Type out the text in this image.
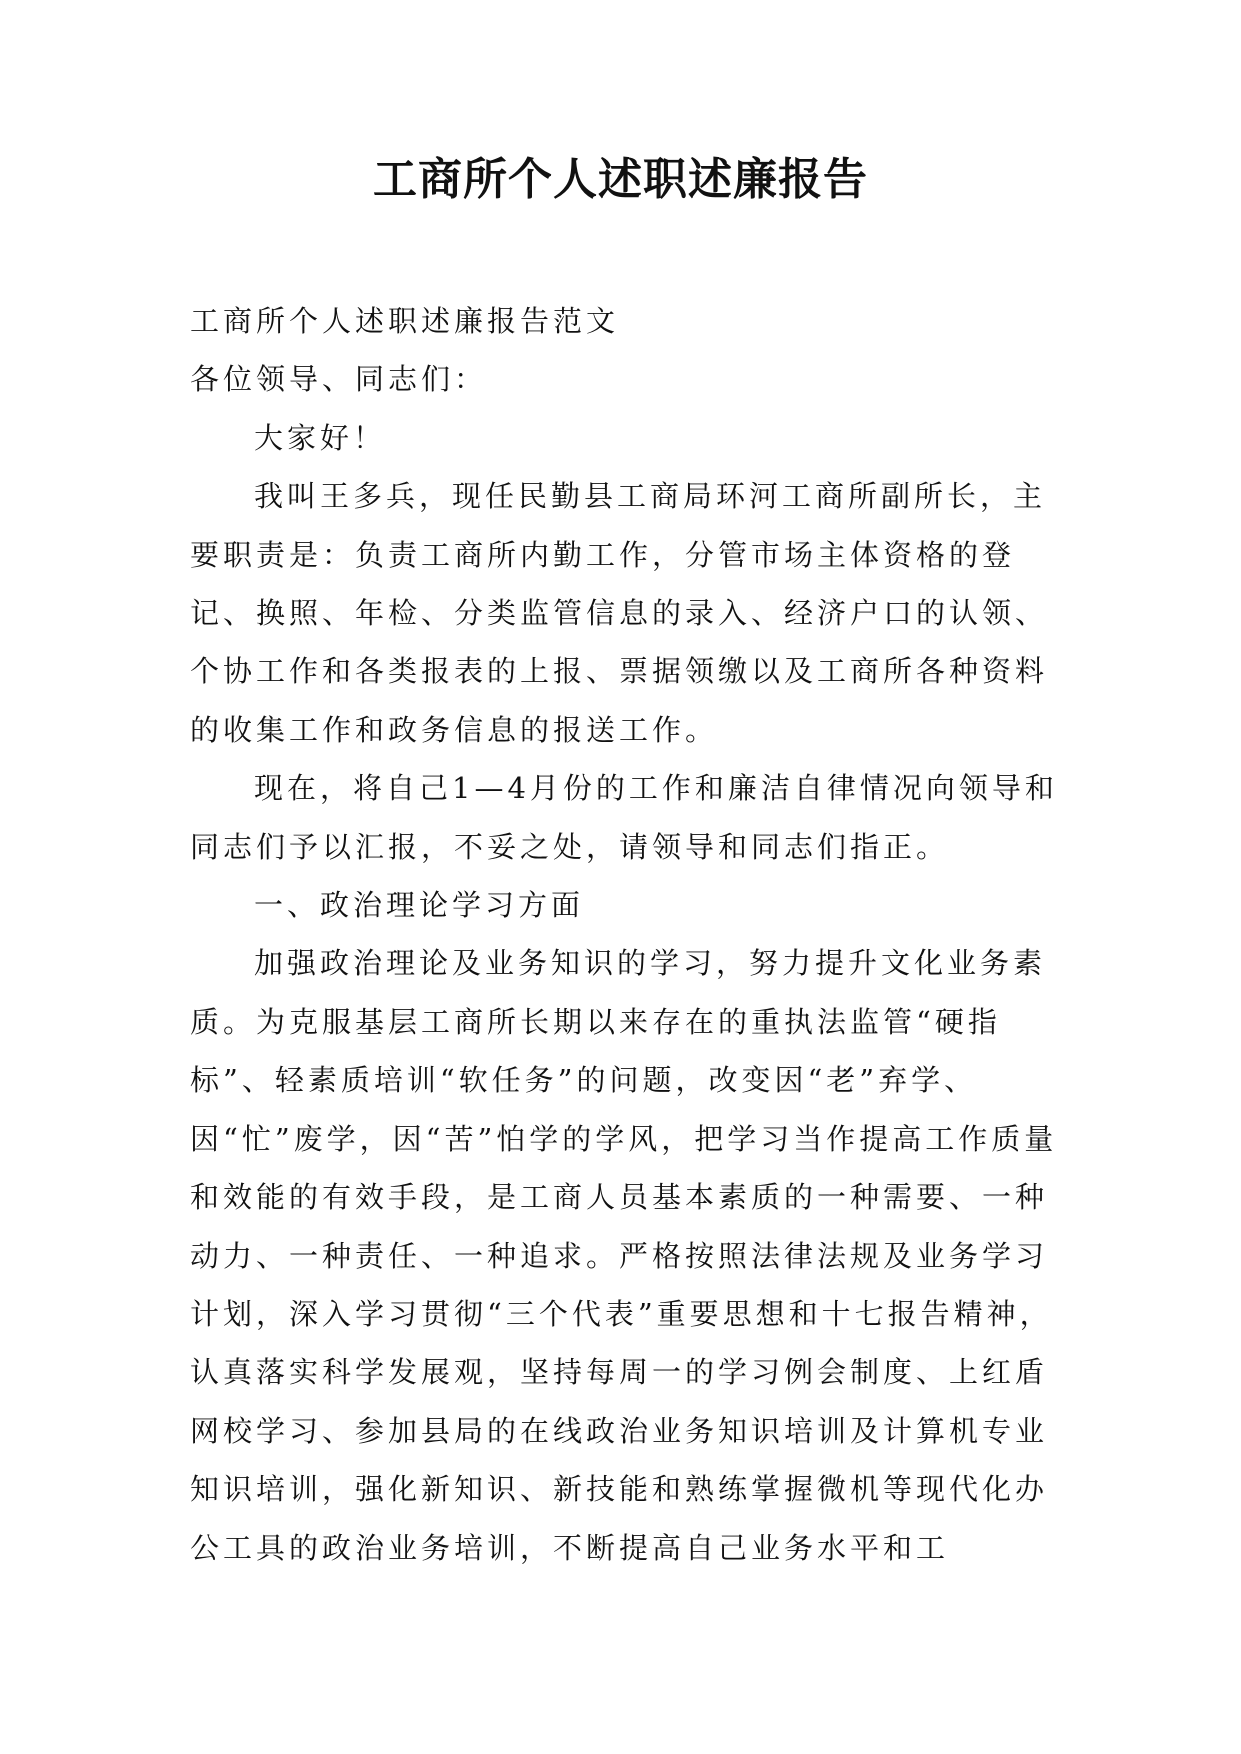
工商所个人述职述廉报告

工商所个人述职述廉报告范文

各位领导、同志们：

大家好！

我叫王多兵，现任民勤县工商局环河工商所副所长，主要职责是：负责工商所内勤工作，分管市场主体资格的登记、换照、年检、分类监管信息的录入、经济户口的认领、个协工作和各类报表的上报、票据领缴以及工商所各种资料的收集工作和政务信息的报送工作。

现在，将自己1—4月份的工作和廉洁自律情况向领导和同志们予以汇报，不妥之处，请领导和同志们指正。

一、政治理论学习方面

加强政治理论及业务知识的学习，努力提升文化业务素质。为克服基层工商所长期以来存在的重执法监管“硬指标”、轻素质培训“软任务”的问题，改变因“老”弃学、因“忙”废学，因“苦”怕学的学风，把学习当作提高工作质量和效能的有效手段，是工商人员基本素质的一种需要、一种动力、一种责任、一种追求。严格按照法律法规及业务学习计划，深入学习贯彻“三个代表”重要思想和十七报告精神，认真落实科学发展观，坚持每周一的学习例会制度、上红盾网校学习、参加县局的在线政治业务知识培训及计算机专业知识培训，强化新知识、新技能和熟练掌握微机等现代化办公工具的政治业务培训，不断提高自己业务水平和工
